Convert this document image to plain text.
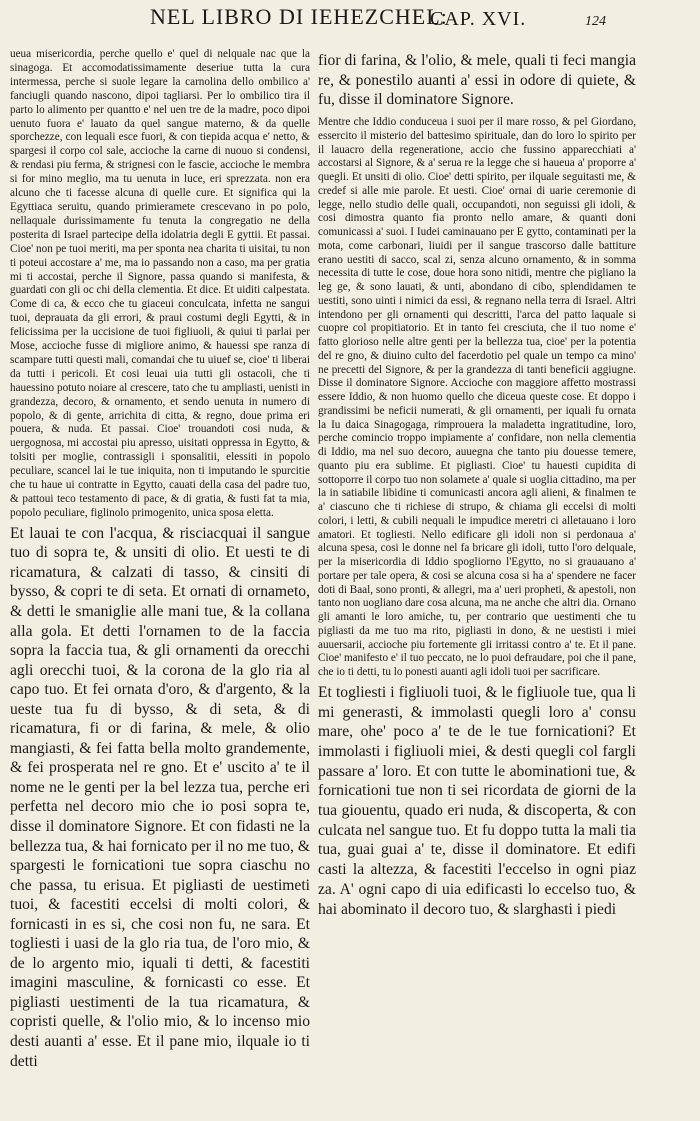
NEL LIBRO DI IEHEZCHEL:
CAP. XVI.	124

ueua misericordia, perche quello e' quel di nelquale nac que la sinagoga. Et accomodatissimamente deseriue tutta la cura intermessa, perche si suole legare la carnolina dello ombilico a' fanciugli quando nascono, dipoi tagliarsi. Per lo ombilico tira il parto lo alimento per quantto e' nel uen tre de la madre, poco dipoi uenuto fuora e' lauato da quel sangue materno, & da quelle sporchezze, con lequali esce fuori, & con tiepida acqua e' netto, & spargesi il corpo col sale, accioche la carne di nuouo si condensi, & rendasi piu ferma, & strignesi con le fascie, accioche le membra si for mino meglio, ma tu uenuta in luce, eri sprezzata. non era alcuno che ti facesse alcuna di quelle cure. Et significa qui la Egyttiaca seruitu, quando primieramete crescevano in po polo, nellaquale durissimamente fu tenuta la congregatio ne della posterita di Israel partecipe della idolatria degli E gyttii. Et passai. Cioe' non pe tuoi meriti, ma per sponta nea charita ti uisitai, tu non ti poteui accostare a' me, ma io passando non a caso, ma per gratia mi ti accostai, perche il Signore, passa quando si manifesta, & guardati con gli oc chi della clementia. Et dice. Et uiditi calpestata. Come di ca, & ecco che tu giaceui conculcata, infetta ne sangui tuoi, deprauata da gli errori, & praui costumi degli Egytti, & in felicissima per la uccisione de tuoi figliuoli, & quiui ti parlai per Mose, accioche fusse di migliore animo, & hauessi spe ranza di scampare tutti questi mali, comandai che tu uiuef se, cioe' ti liberai da tutti i pericoli. Et cosi leuai uia tutti gli ostacoli, che ti hauessino potuto noiare al crescere, tato che tu ampliasti, uenisti in grandezza, decoro, & ornamento, et sendo uenuta in numero di popolo, & di gente, arrichita di citta, & regno, doue prima eri pouera, & nuda. Et passai. Cioe' trouandoti cosi nuda, & uergognosa, mi accostai piu apresso, uisitati oppressa in Egytto, & tolsiti per moglie, contrassigli i sponsalitii, elessiti in popolo peculiare, scancel lai le tue iniquita, non ti imputando le spurcitie che tu haue ui contratte in Egytto, cauati della casa del padre tuo, & pattoui teco testamento di pace, & di gratia, & fusti fat ta mia, popolo peculiare, figlinolo primogenito, unica sposa eletta.

Et lauai te con l'acqua, & risciacquai il sangue tuo di sopra te, & unsiti di olio. Et uesti te di ricamatura, & calzati di tasso, & cinsiti di bysso, & copri te di seta. Et ornati di ornameto, & detti le smaniglie alle mani tue, & la collana alla gola. Et detti l'ornamen to de la faccia sopra la faccia tua, & gli ornamenti da orecchi agli orecchi tuoi, & la corona de la glo ria al capo tuo. Et fei ornata d'oro, & d'argento, & la ueste tua fu di bysso, & di seta, & di ricamatura, fi or di farina, & mele, & olio mangiasti, & fei fatta bella molto grandemente, & fei prosperata nel re gno. Et e' uscito a' te il nome ne le genti per la bel lezza tua, perche eri perfetta nel decoro mio che io posi sopra te, disse il dominatore Signore. Et con fidasti ne la bellezza tua, & hai fornicato per il no me tuo, & spargesti le fornicationi tue sopra ciaschu no che passa, tu erisua. Et pigliasti de uestimeti tuoi, & facestiti eccelsi di molti colori, & fornicasti in es si, che cosi non fu, ne sara. Et togliesti i uasi de la glo ria tua, de l'oro mio, & de lo argento mio, iquali ti detti, & facestiti imagini masculine, & fornicasti co esse. Et pigliasti uestimenti de la tua ricamatura, & copristi quelle, & l'olio mio, & lo incenso mio desti auanti a' esse. Et il pane mio, ilquale io ti detti

fior di farina, & l'olio, & mele, quali ti feci mangia re, & ponestilo auanti a' essi in odore di quiete, & fu, disse il dominatore Signore.

Mentre che Iddio conduceua i suoi per il mare rosso, & pel Giordano, essercito il misterio del battesimo spirituale, dan do loro lo spirito per il lauacro della regeneratione, accio che fussino apparecchiati a' accostarsi al Signore, & a' serua re la legge che si haueua a' proporre a' quegli. Et unsiti di olio. Cioe' detti spirito, per ilquale seguitasti me, & credef si alle mie parole. Et uesti. Cioe' ornai di uarie ceremonie di legge, nello studio delle quali, occupandoti, non seguissi gli idoli, & cosi dimostra quanto fia pronto nello amare, & quanti doni comunicassi a' suoi. I Iudei caminauano per E gytto, contaminati per la mota, come carbonari, liuidi per il sangue trascorso dalle battiture erano uestiti di sacco, scal zi, senza alcuno ornamento, & in somma necessita di tutte le cose, doue hora sono nitidi, mentre che pigliano la leg ge, & sono lauati, & unti, abondano di cibo, splendidamen te uestiti, sono uinti i nimici da essi, & regnano nella terra di Israel. Altri intendono per gli ornamenti qui descritti, l'arca del patto laquale si cuopre col propitiatorio. Et in tanto fei cresciuta, che il tuo nome e' fatto glorioso nelle altre genti per la bellezza tua, cioe' per la potentia del re gno, & diuino culto del facerdotio pel quale un tempo ca mino' ne precetti del Signore, & per la grandezza di tanti beneficii aggiugne. Disse il dominatore Signore. Accioche con maggiore affetto mostrassi essere Iddio, & non huomo quello che diceua queste cose. Et doppo i grandissimi be neficii numerati, & gli ornamenti, per iquali fu ornata la Iu daica Sinagogaga, rimprouera la maladetta ingratitudine, loro, perche comincio troppo impiamente a' confidare, non nella clementia di Iddio, ma nel suo decoro, auuegna che tanto piu douesse temere, quanto piu era sublime. Et pigliasti. Cioe' tu hauesti cupidita di sottoporre il corpo tuo non solamete a' quale si uoglia cittadino, ma per la in satiabile libidine ti comunicasti ancora agli alieni, & finalmen te a' ciascuno che ti richiese di strupo, & chiama gli eccelsi di molti colori, i letti, & cubili nequali le impudice meretri ci alletauano i loro amatori. Et togliesti. Nello edificare gli idoli non si perdonaua a' alcuna spesa, cosi le donne nel fa bricare gli idoli, tutto l'oro delquale, per la misericordia di Iddio spogliorno l'Egytto, no si grauauano a' portare per tale opera, & cosi se alcuna cosa si ha a' spendere ne facer doti di Baal, sono pronti, & allegri, ma a' ueri propheti, & apestoli, non tanto non uogliano dare cosa alcuna, ma ne anche che altri dia. Ornano gli amanti le loro amiche, tu, per contrario que uestimenti che tu pigliasti da me tuo ma rito, pigliasti in dono, & ne uestisti i miei auuersarii, accioche piu fortemente gli irritassi contro a' te. Et il pane. Cioe' manifesto e' il tuo peccato, ne lo puoi defraudare, poi che il pane, che io ti detti, tu lo ponesti auanti agli idoli tuoi per sacrificare.

Et togliesti i figliuoli tuoi, & le figliuole tue, qua li mi generasti, & immolasti quegli loro a' consu mare, ohe' poco a' te de le tue fornicationi? Et immolasti i figliuoli miei, & desti quegli col fargli passare a' loro. Et con tutte le abominationi tue, & fornicationi tue non ti sei ricordata de giorni de la tua giouentu, quado eri nuda, & discoperta, & con culcata nel sangue tuo. Et fu doppo tutta la mali tia tua, guai guai a' te, disse il dominatore. Et edifi casti la altezza, & facestiti l'eccelso in ogni piaz za. A' ogni capo di uia edificasti lo eccelso tuo, & hai abominato il decoro tuo, & slarghasti i piedi
